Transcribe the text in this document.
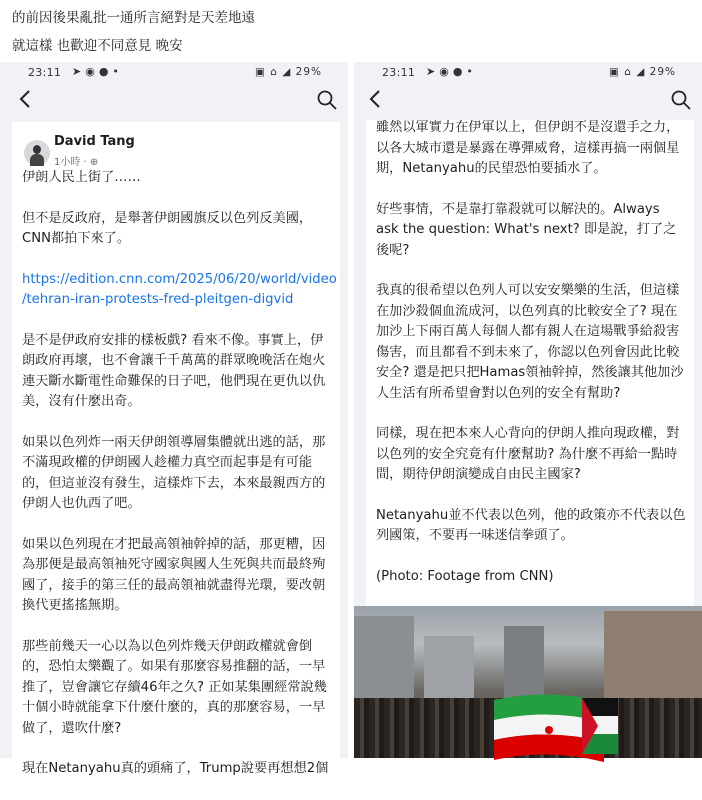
的前因後果亂批一通所言絕對是天差地遠
就這樣 也歡迎不同意見 晚安
23:11 ➤◉●•	▣ ⌂ ◢ 29%
David Tang
1小時 · ⊕

伊朗人民上街了……

但不是反政府，是舉著伊朗國旗反以色列反美國，CNN都拍下來了。

https://edition.cnn.com/2025/06/20/world/video
/tehran-iran-protests-fred-pleitgen-digvid

是不是伊政府安排的樣板戲? 看來不像。事實上，伊朗政府再壞，也不會讓千千萬萬的群眾晚晚活在炮火連天斷水斷電性命難保的日子吧，他們現在更仇以仇美，沒有什麼出奇。

如果以色列炸一兩天伊朗領導層集體就出逃的話，那不滿現政權的伊朗國人趁權力真空而起事是有可能的，但這並沒有發生，這樣炸下去，本來最親西方的伊朗人也仇西了吧。

如果以色列現在才把最高領袖幹掉的話，那更糟，因為那便是最高領袖死守國家與國人生死與共而最終殉國了，接手的第三任的最高領袖就盡得光環，要改朝換代更搖搖無期。

那些前幾天一心以為以色列炸幾天伊朗政權就會倒的，恐怕太樂觀了。如果有那麼容易推翻的話，一早推了，豈會讓它存續46年之久? 正如某集團經常說幾十個小時就能拿下什麼什麼的，真的那麼容易，一早做了，還吹什麼?

現在Netanyahu真的頭痛了，Trump說要再想想2個

23:11 ➤◉●•	▣ ⌂ ◢ 29%

雖然以軍實力在伊軍以上，但伊朗不是沒還手之力，以各大城市還是暴露在導彈威脅，這樣再搞一兩個星期，Netanyahu的民望恐怕要插水了。

好些事情，不是靠打靠殺就可以解決的。Always ask the question: What's next? 即是說，打了之後呢?

我真的很希望以色列人可以安安樂樂的生活，但這樣在加沙殺個血流成河，以色列真的比較安全了? 現在加沙上下兩百萬人每個人都有親人在這場戰爭給殺害傷害，而且都看不到未來了，你認以色列會因此比較安全? 還是把只把Hamas領袖幹掉，然後讓其他加沙人生活有所希望會對以色列的安全有幫助?

同樣，現在把本來人心背向的伊朗人推向現政權，對以色列的安全究竟有什麼幫助? 為什麼不再給一點時間，期待伊朗演變成自由民主國家?

Netanyahu並不代表以色列，他的政策亦不代表以色列國策，不要再一味迷信拳頭了。

(Photo: Footage from CNN)
